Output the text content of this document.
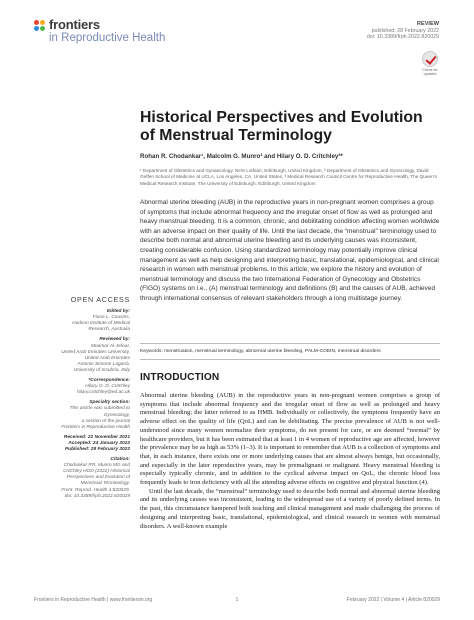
frontiers
in Reproductive Health
REVIEW
published: 28 February 2022
doi: 10.3389/frph.2022.820029
Check for updates
Historical Perspectives and Evolution of Menstrual Terminology
Rohan R. Chodankar¹, Malcolm G. Munro² and Hilary O. D. Critchley³*
¹ Department of Obstetrics and Gynaecology, NHS Lothian, Edinburgh, United Kingdom, ² Department of Obstetrics and Gynecology, David Geffen School of Medicine at UCLA, Los Angeles, CA, United States, ³ Medical Research Council Centre for Reproductive Health, The Queen's Medical Research Institute, The University of Edinburgh, Edinburgh, United Kingdom
Abnormal uterine bleeding (AUB) in the reproductive years in non-pregnant women comprises a group of symptoms that include abnormal frequency and the irregular onset of flow as well as prolonged and heavy menstrual bleeding. It is a common, chronic, and debilitating condition affecting women worldwide with an adverse impact on their quality of life. Until the last decade, the “menstrual” terminology used to describe both normal and abnormal uterine bleeding and its underlying causes was inconsistent, creating considerable confusion. Using standardized terminology may potentially improve clinical management as well as help designing and interpreting basic, translational, epidemiological, and clinical research in women with menstrual problems. In this article, we explore the history and evolution of menstrual terminology and discuss the two International Federation of Gynecology and Obstetrics (FIGO) systems on i.e., (A) menstrual terminology and definitions (B) and the causes of AUB, achieved through international consensus of relevant stakeholders through a long multistage journey.
Keywords: menstruation, menstrual terminology, abnormal uterine bleeding, PALM-COEIN, menstrual disorders
INTRODUCTION

Abnormal uterine bleeding (AUB) in the reproductive years in non-pregnant women comprises a group of symptoms that include abnormal frequency and the irregular onset of flow as well as prolonged and heavy menstrual bleeding; the latter referred to as HMB. Individually or collectively, the symptoms frequently have an adverse effect on the quality of life (QoL) and can be debilitating. The precise prevalence of AUB is not well-understood since many women normalize their symptoms, do not present for care, or are deemed “normal” by healthcare providers, but it has been estimated that at least 1 in 4 women of reproductive age are affected, however the prevalence may be as high as 53% (1–3). It is important to remember that AUB is a collection of symptoms and that, in each instance, there exists one or more underlying causes that are almost always benign, but occasionally, and especially in the later reproductive years, may be premalignant or malignant. Heavy menstrual bleeding is especially typically chronic, and in addition to the cyclical adverse impact on QoL, the chronic blood loss frequently leads to iron deficiency with all the attending adverse effects on cognitive and physical function (4).

Until the last decade, the “menstrual” terminology used to describe both normal and abnormal uterine bleeding and its underlying causes was inconsistent, leading to the widespread use of a variety of poorly defined terms. In the past, this circumstance hampered both teaching and clinical management and made challenging the process of designing and interpreting basic, translational, epidemiological, and clinical research in women with menstrual disorders. A well-known example

OPEN ACCESS
Edited by:
Fiona L. Cousins,
Hudson Institute of Medical
Research, Australia
Reviewed by:
Moamar Al-Jefout,
United Arab Emirates University,
United Arab Emirates
Antonio Simone Laganà,
University of Insubria, Italy
*Correspondence:
Hilary O. D. Critchley
hilary.critchley@ed.ac.uk
Specialty section:
This article was submitted to
Gynecology,
a section of the journal
Frontiers in Reproductive Health
Received: 22 November 2021
Accepted: 24 January 2022
Published: 28 February 2022
Citation:
Chodankar RR, Munro MG and
Critchley HOD (2022) Historical
Perspectives and Evolution of
Menstrual Terminology.
Front. Reprod. Health 4:820029.
doi: 10.3389/frph.2022.820029
Frontiers in Reproductive Health | www.frontiersin.org	1	February 2022 | Volume 4 | Article 820029
